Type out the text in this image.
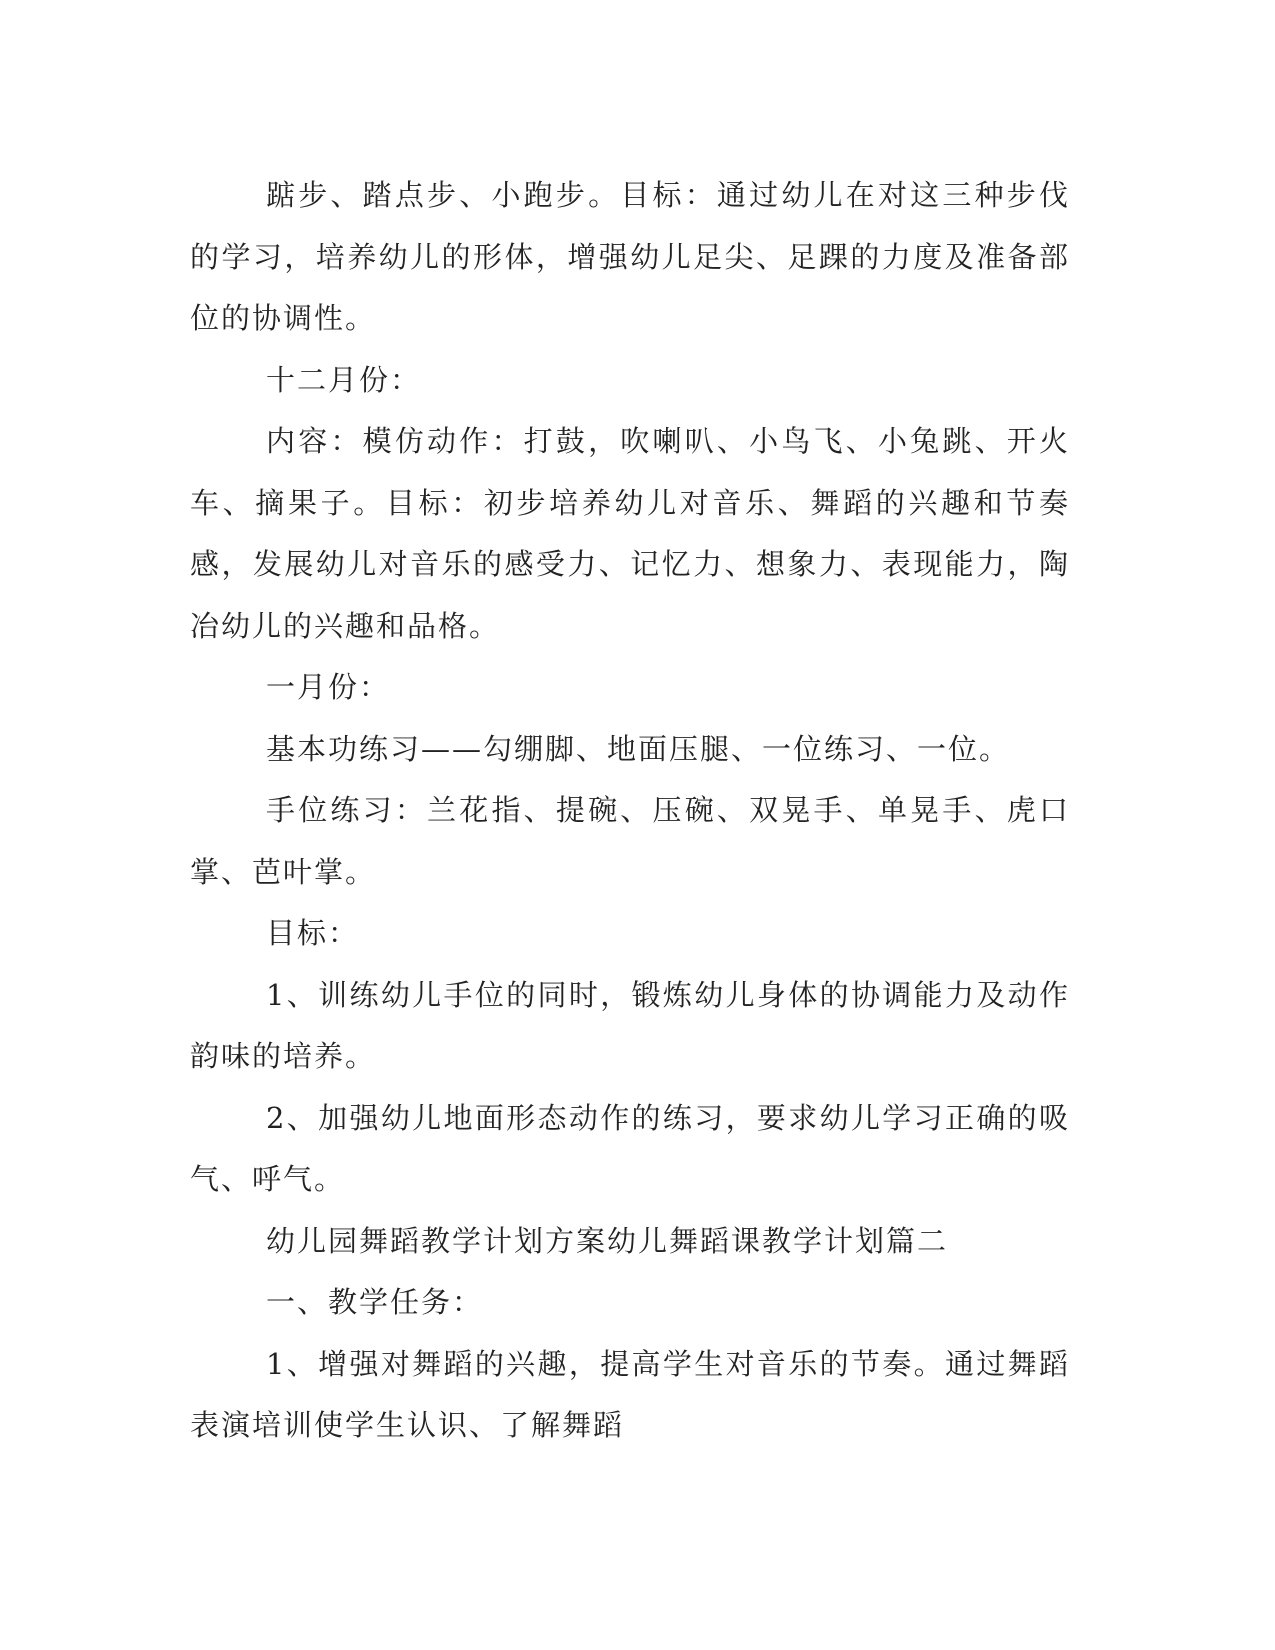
踮步、踏点步、小跑步。目标：通过幼儿在对这三种步伐的学习，培养幼儿的形体，增强幼儿足尖、足踝的力度及准备部位的协调性。

十二月份：

内容：模仿动作：打鼓，吹喇叭、小鸟飞、小兔跳、开火车、摘果子。目标：初步培养幼儿对音乐、舞蹈的兴趣和节奏感，发展幼儿对音乐的感受力、记忆力、想象力、表现能力，陶冶幼儿的兴趣和品格。

一月份：

基本功练习——勾绷脚、地面压腿、一位练习、一位。

手位练习：兰花指、提碗、压碗、双晃手、单晃手、虎口掌、芭叶掌。

目标：

1、训练幼儿手位的同时，锻炼幼儿身体的协调能力及动作韵味的培养。

2、加强幼儿地面形态动作的练习，要求幼儿学习正确的吸气、呼气。

幼儿园舞蹈教学计划方案幼儿舞蹈课教学计划篇二

一、教学任务：

1、增强对舞蹈的兴趣，提高学生对音乐的节奏。通过舞蹈表演培训使学生认识、了解舞蹈
